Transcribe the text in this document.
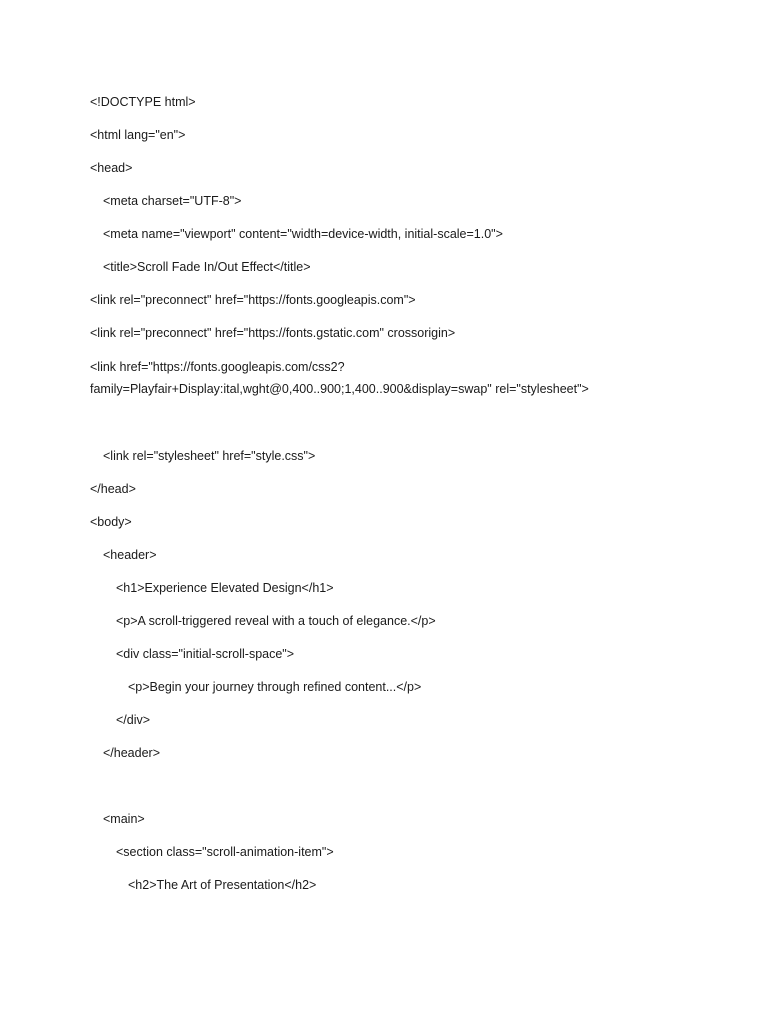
<!DOCTYPE html>
<html lang="en">
<head>
<meta charset="UTF-8">
<meta name="viewport" content="width=device-width, initial-scale=1.0">
<title>Scroll Fade In/Out Effect</title>
<link rel="preconnect" href="https://fonts.googleapis.com">
<link rel="preconnect" href="https://fonts.gstatic.com" crossorigin>
<link href="https://fonts.googleapis.com/css2?family=Playfair+Display:ital,wght@0,400..900;1,400..900&display=swap" rel="stylesheet">
<link rel="stylesheet" href="style.css">
</head>
<body>
<header>
<h1>Experience Elevated Design</h1>
<p>A scroll-triggered reveal with a touch of elegance.</p>
<div class="initial-scroll-space">
<p>Begin your journey through refined content...</p>
</div>
</header>
<main>
<section class="scroll-animation-item">
<h2>The Art of Presentation</h2>
